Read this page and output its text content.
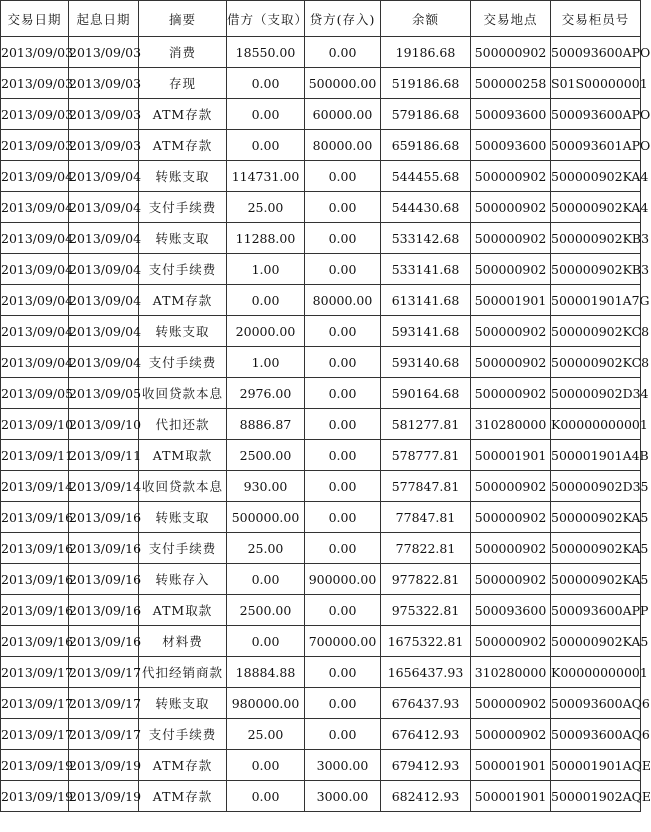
交易日期	起息日期	摘要	借方（支取）	贷方(存入)	余额	交易地点	交易柜员号
2013/09/03	2013/09/03	消费	18550.00	0.00	19186.68	500000902	500093600APO
2013/09/03	2013/09/03	存现	0.00	500000.00	519186.68	500000258	S01S00000001
2013/09/03	2013/09/03	ATM存款	0.00	60000.00	579186.68	500093600	500093600APO
2013/09/03	2013/09/03	ATM存款	0.00	80000.00	659186.68	500093600	500093601APO
2013/09/04	2013/09/04	转账支取	114731.00	0.00	544455.68	500000902	500000902KA4
2013/09/04	2013/09/04	支付手续费	25.00	0.00	544430.68	500000902	500000902KA4
2013/09/04	2013/09/04	转账支取	11288.00	0.00	533142.68	500000902	500000902KB3
2013/09/04	2013/09/04	支付手续费	1.00	0.00	533141.68	500000902	500000902KB3
2013/09/04	2013/09/04	ATM存款	0.00	80000.00	613141.68	500001901	500001901A7G
2013/09/04	2013/09/04	转账支取	20000.00	0.00	593141.68	500000902	500000902KC8
2013/09/04	2013/09/04	支付手续费	1.00	0.00	593140.68	500000902	500000902KC8
2013/09/05	2013/09/05	收回贷款本息	2976.00	0.00	590164.68	500000902	500000902D34
2013/09/10	2013/09/10	代扣还款	8886.87	0.00	581277.81	310280000	K00000000001
2013/09/11	2013/09/11	ATM取款	2500.00	0.00	578777.81	500001901	500001901A4B
2013/09/14	2013/09/14	收回贷款本息	930.00	0.00	577847.81	500000902	500000902D35
2013/09/16	2013/09/16	转账支取	500000.00	0.00	77847.81	500000902	500000902KA5
2013/09/16	2013/09/16	支付手续费	25.00	0.00	77822.81	500000902	500000902KA5
2013/09/16	2013/09/16	转账存入	0.00	900000.00	977822.81	500000902	500000902KA5
2013/09/16	2013/09/16	ATM取款	2500.00	0.00	975322.81	500093600	500093600APP
2013/09/16	2013/09/16	材料费	0.00	700000.00	1675322.81	500000902	500000902KA5
2013/09/17	2013/09/17	代扣经销商款	18884.88	0.00	1656437.93	310280000	K00000000001
2013/09/17	2013/09/17	转账支取	980000.00	0.00	676437.93	500000902	500093600AQ6
2013/09/17	2013/09/17	支付手续费	25.00	0.00	676412.93	500000902	500093600AQ6
2013/09/19	2013/09/19	ATM存款	0.00	3000.00	679412.93	500001901	500001901AQE
2013/09/19	2013/09/19	ATM存款	0.00	3000.00	682412.93	500001901	500001902AQE
